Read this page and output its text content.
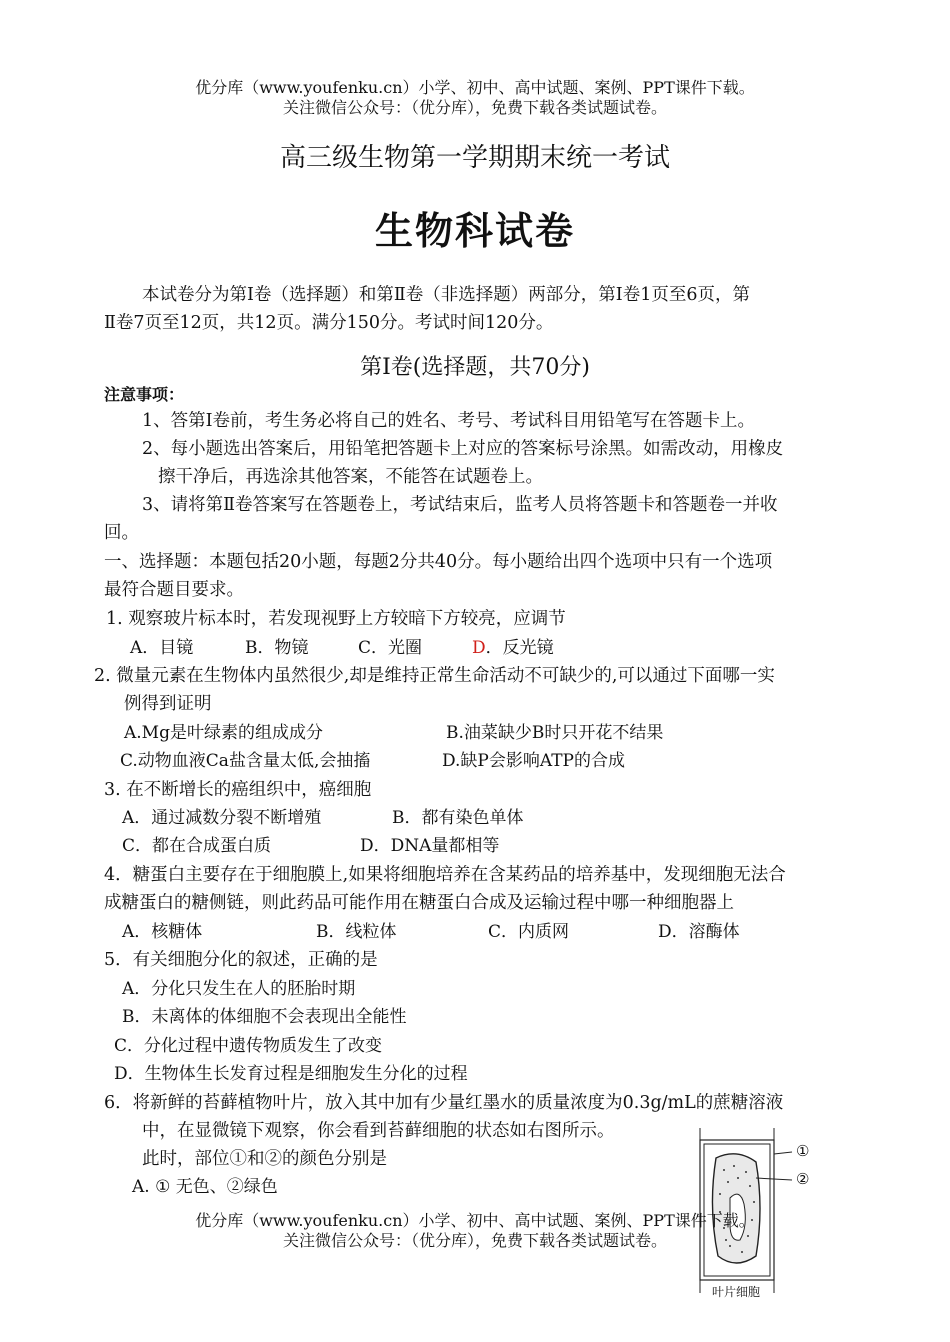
优分库（www.youfenku.cn）小学、初中、高中试题、案例、PPT课件下载。
关注微信公众号：（优分库），免费下载各类试题试卷。
高三级生物第一学期期末统一考试
生物科试卷
本试卷分为第Ⅰ卷（选择题）和第Ⅱ卷（非选择题）两部分，第Ⅰ卷1页至6页，第
Ⅱ卷7页至12页，共12页。满分150分。考试时间120分。
第Ⅰ卷(选择题，共70分)
注意事项：
1、答第Ⅰ卷前，考生务必将自己的姓名、考号、考试科目用铅笔写在答题卡上。
2、每小题选出答案后，用铅笔把答题卡上对应的答案标号涂黑。如需改动，用橡皮
擦干净后，再选涂其他答案，不能答在试题卷上。
3、请将第Ⅱ卷答案写在答题卷上，考试结束后，监考人员将答题卡和答题卷一并收
回。
一、选择题：本题包括20小题，每题2分共40分。每小题给出四个选项中只有一个选项
最符合题目要求。
1. 观察玻片标本时，若发现视野上方较暗下方较亮，应调节
A．目镜	B．物镜	C．光圈	D．反光镜
2. 微量元素在生物体内虽然很少,却是维持正常生命活动不可缺少的,可以通过下面哪一实
例得到证明
A.Mg是叶绿素的组成成分	B.油菜缺少B时只开花不结果
C.动物血液Ca盐含量太低,会抽搐	D.缺P会影响ATP的合成
3. 在不断增长的癌组织中，癌细胞
A．通过减数分裂不断增殖	B．都有染色单体
C．都在合成蛋白质	D．DNA量都相等
4．糖蛋白主要存在于细胞膜上,如果将细胞培养在含某药品的培养基中，发现细胞无法合
成糖蛋白的糖侧链，则此药品可能作用在糖蛋白合成及运输过程中哪一种细胞器上
A．核糖体	B．线粒体	C．内质网	D．溶酶体
5．有关细胞分化的叙述，正确的是
A．分化只发生在人的胚胎时期
B．未离体的体细胞不会表现出全能性
C．分化过程中遗传物质发生了改变
D．生物体生长发育过程是细胞发生分化的过程
6．将新鲜的苔藓植物叶片，放入其中加有少量红墨水的质量浓度为0.3g/mL的蔗糖溶液
中，在显微镜下观察，你会看到苔藓细胞的状态如右图所示。
此时，部位①和②的颜色分别是
A. ① 无色、②绿色
①
②
叶片细胞
优分库（www.youfenku.cn）小学、初中、高中试题、案例、PPT课件下载。
关注微信公众号：（优分库），免费下载各类试题试卷。
